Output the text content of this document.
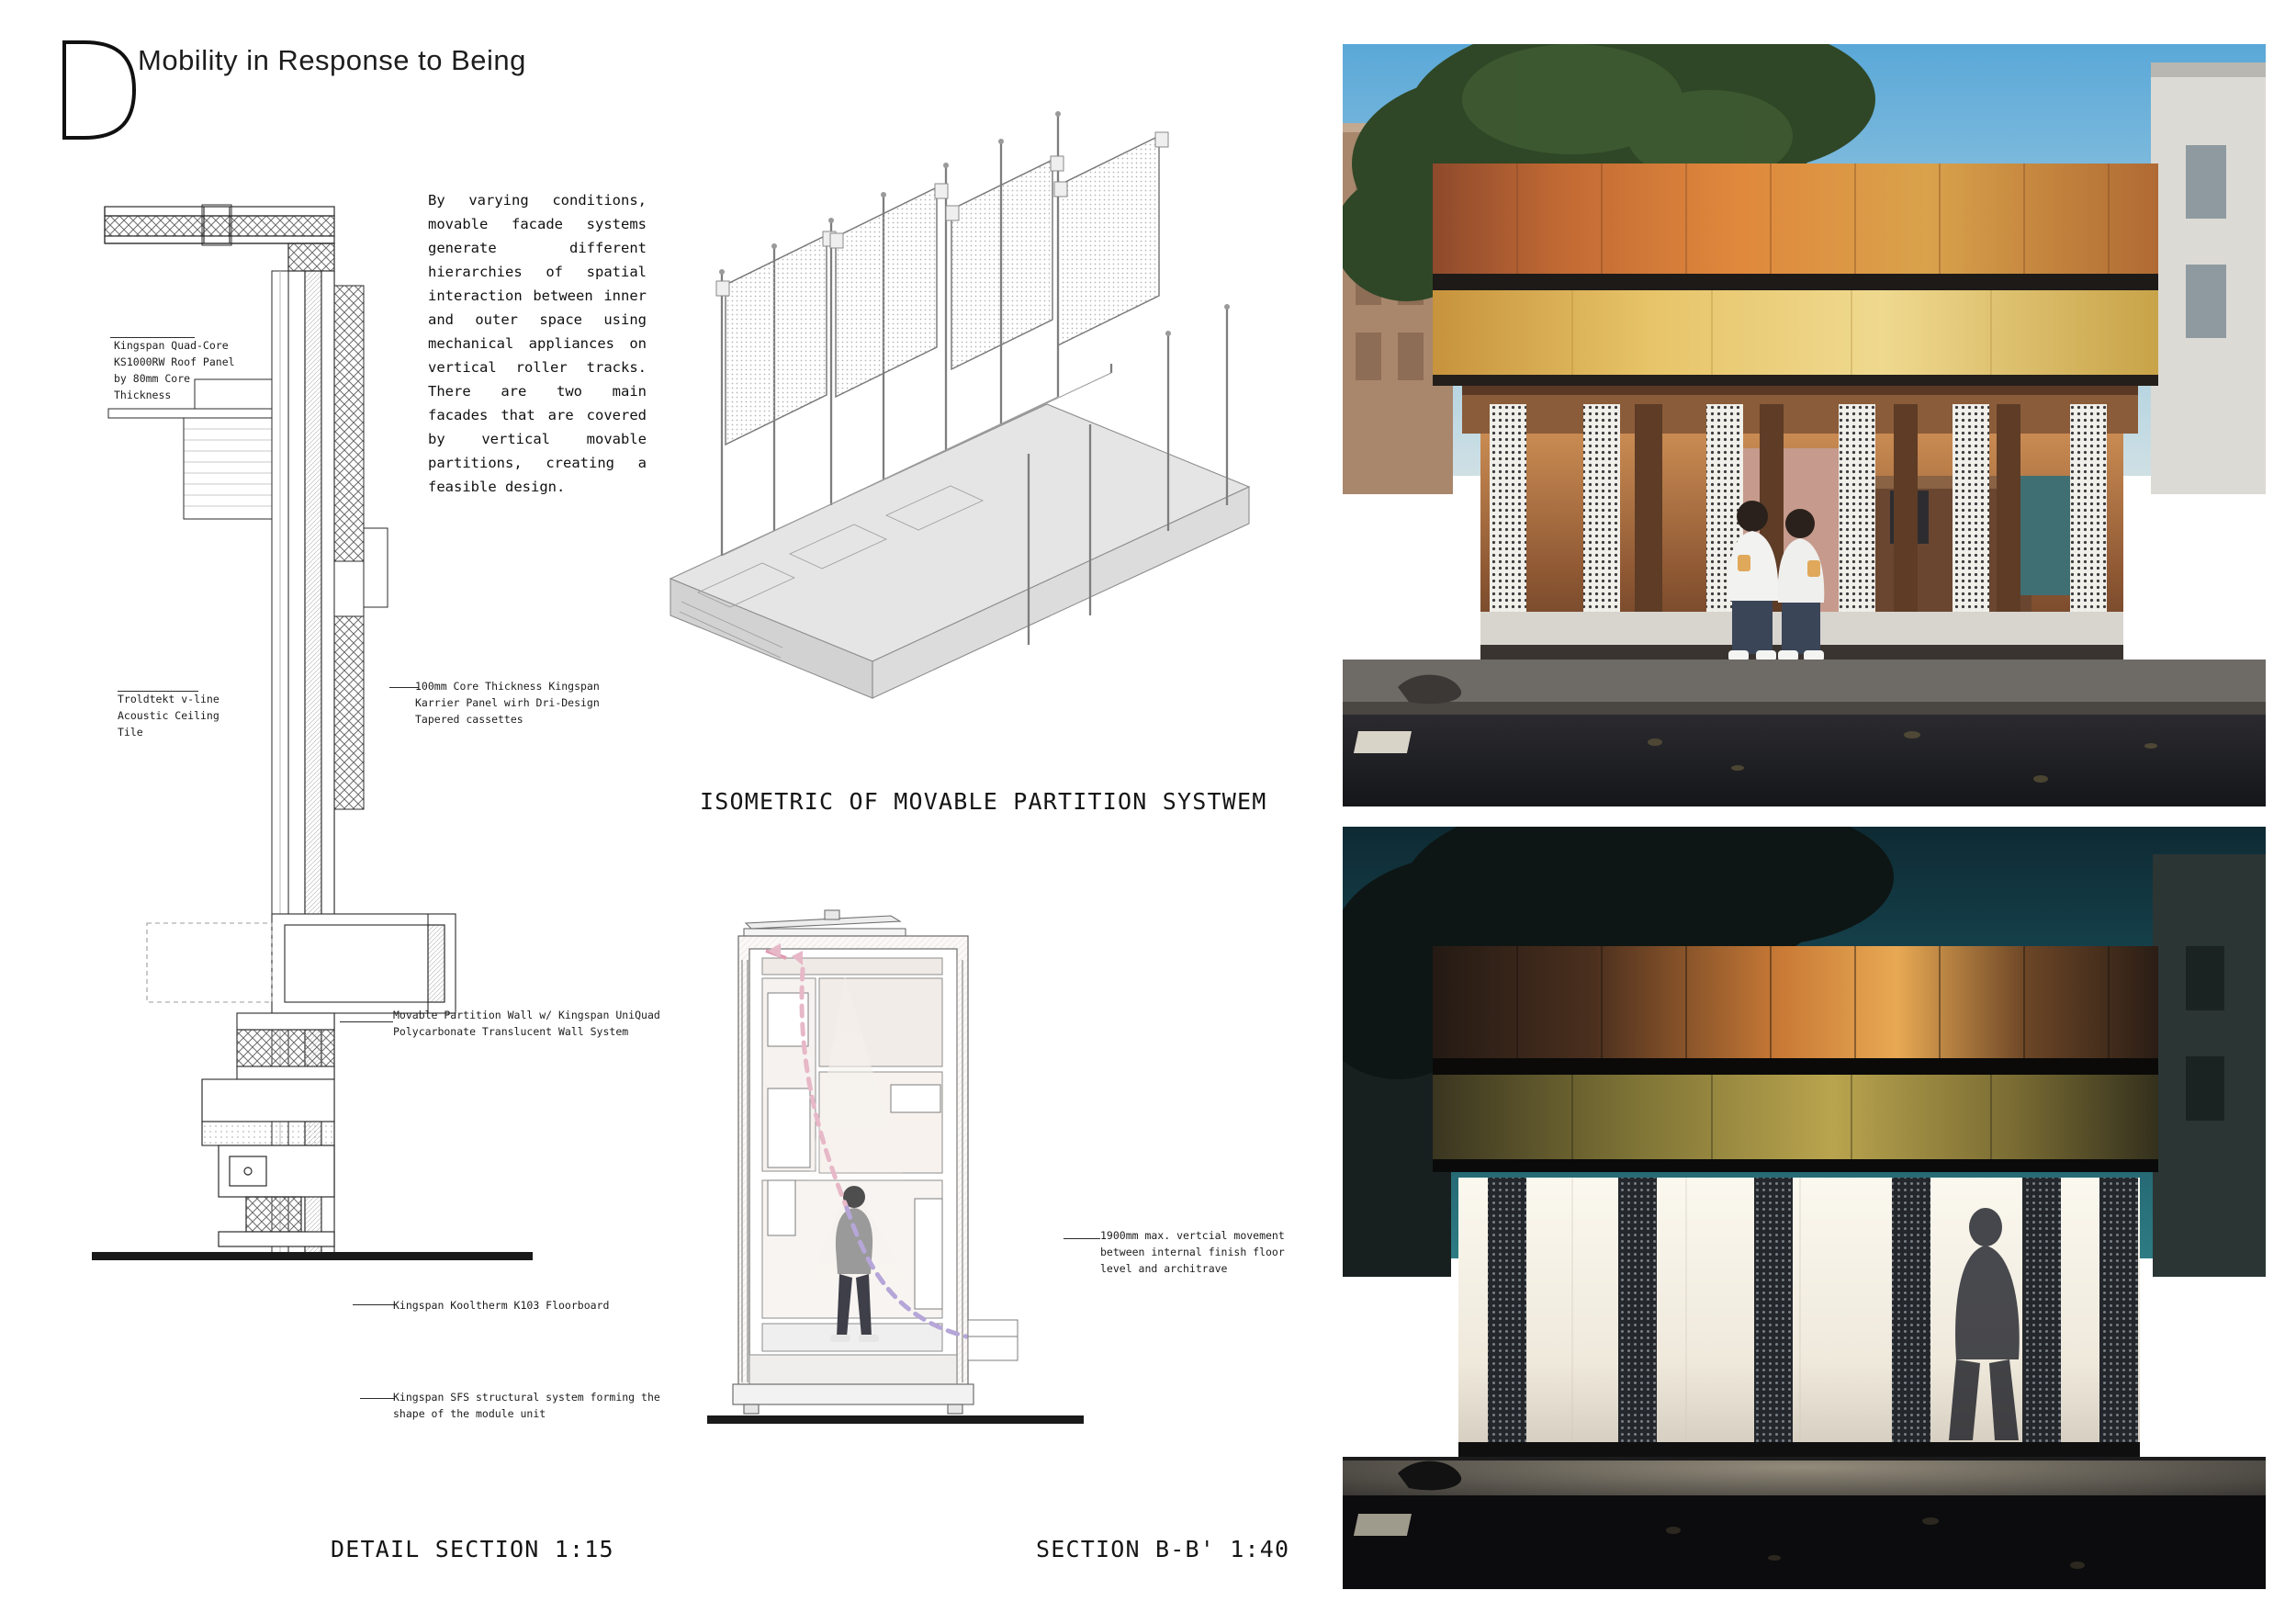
Mobility in Response to Being
By varying conditions, movable facade systems generate different hierarchies of spatial interaction between inner and outer space using mechanical appliances on vertical roller tracks. There are two main facades that are covered by vertical movable partitions, creating a feasible design.
Kingspan Quad-Core KS1000RW Roof Panel by 80mm Core Thickness
Troldtekt v-line Acoustic Ceiling Tile
100mm Core Thickness Kingspan Karrier Panel wirh Dri-Design Tapered cassettes
Movable Partition Wall w/ Kingspan UniQuad Polycarbonate Translucent Wall System
Kingspan Kooltherm K103 Floorboard
Kingspan SFS structural system forming the shape of the module unit
DETAIL SECTION 1:15
ISOMETRIC OF MOVABLE PARTITION SYSTWEM
1900mm max. vertcial movement between internal finish floor level and architrave
SECTION B-B' 1:40
